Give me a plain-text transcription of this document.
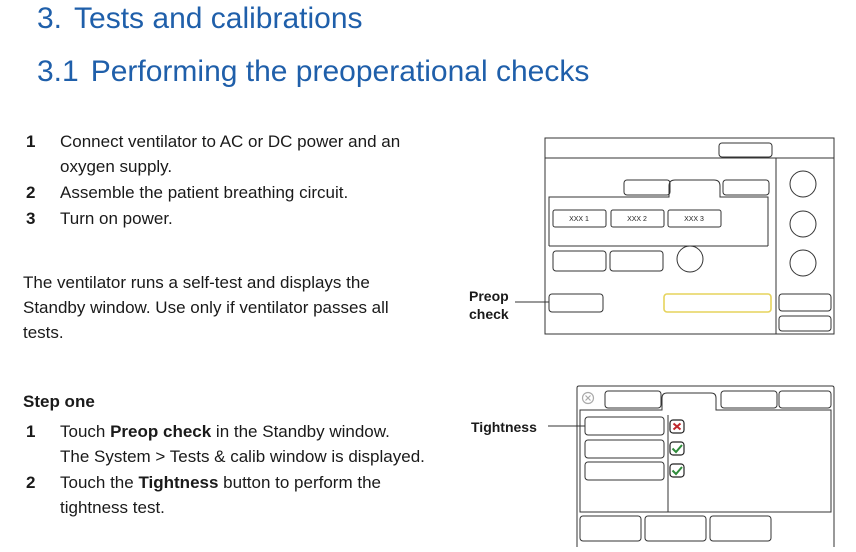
3. Tests and calibrations
3.1 Performing the preoperational checks
1 Connect ventilator to AC or DC power and an
oxygen supply.
2 Assemble the patient breathing circuit.
3 Turn on power.
The ventilator runs a self-test and displays the
Standby window. Use only if ventilator passes all
tests.
Step one
1 Touch Preop check in the Standby window.
The System > Tests & calib window is displayed.
2 Touch the Tightness button to perform the
tightness test.
Preop
check
Tightness
XXX 1	XXX 2	XXX 3
